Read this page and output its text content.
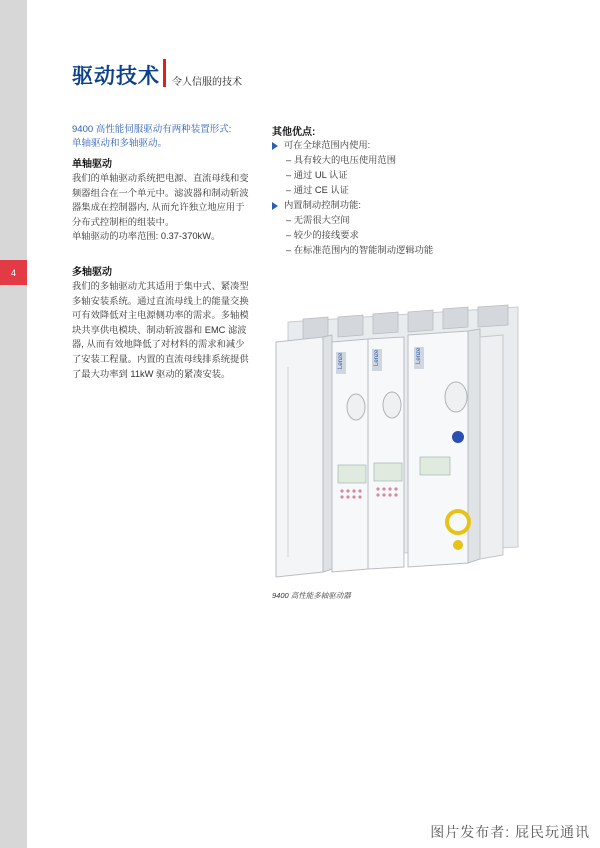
4
驱动技术 令人信服的技术
9400 高性能伺服驱动有两种装置形式:
单轴驱动和多轴驱动。
单轴驱动
我们的单轴驱动系统把电源、直流母线和变
频器组合在一个单元中。滤波器和制动斩波
器集成在控制器内, 从而允许独立地应用于
分布式控制柜的组装中。
单轴驱动的功率范围: 0.37-370kW。
多轴驱动
我们的多轴驱动尤其适用于集中式、紧凑型
多轴安装系统。通过直流母线上的能量交换
可有效降低对主电源侧功率的需求。多轴模
块共享供电模块、制动斩波器和 EMC 滤波
器, 从而有效地降低了对材料的需求和减少
了安装工程量。内置的直流母线排系统提供
了最大功率到 11kW 驱动的紧凑安装。
其他优点:
可在全球范围内使用:
– 具有较大的电压使用范围
– 通过 UL 认证
– 通过 CE 认证
内置制动控制功能:
– 无需很大空间
– 较少的接线要求
– 在标准范围内的智能制动逻辑功能
Lenze	Lenze	Lenze
9400 高性能多轴驱动器
图片发布者: 屁民玩通讯
